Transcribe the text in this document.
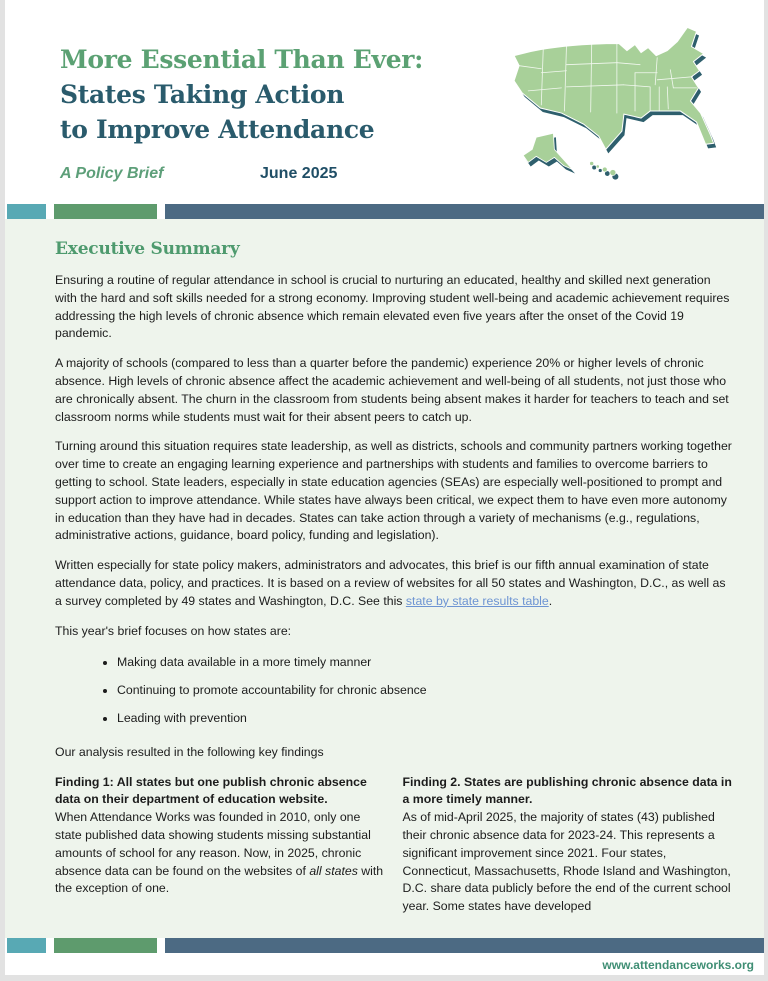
More Essential Than Ever:
States Taking Action
to Improve Attendance
A Policy Brief	June 2025
Executive Summary

Ensuring a routine of regular attendance in school is crucial to nurturing an educated, healthy and skilled next generation with the hard and soft skills needed for a strong economy. Improving student well-being and academic achievement requires addressing the high levels of chronic absence which remain elevated even five years after the onset of the Covid 19 pandemic.

A majority of schools (compared to less than a quarter before the pandemic) experience 20% or higher levels of chronic absence. High levels of chronic absence affect the academic achievement and well-being of all students, not just those who are chronically absent. The churn in the classroom from students being absent makes it harder for teachers to teach and set classroom norms while students must wait for their absent peers to catch up.

Turning around this situation requires state leadership, as well as districts, schools and community partners working together over time to create an engaging learning experience and partnerships with students and families to overcome barriers to getting to school. State leaders, especially in state education agencies (SEAs) are especially well-positioned to prompt and support action to improve attendance. While states have always been critical, we expect them to have even more autonomy in education than they have had in decades. States can take action through a variety of mechanisms (e.g., regulations, administrative actions, guidance, board policy, funding and legislation).

Written especially for state policy makers, administrators and advocates, this brief is our fifth annual examination of state attendance data, policy, and practices. It is based on a review of websites for all 50 states and Washington, D.C., as well as a survey completed by 49 states and Washington, D.C. See this state by state results table.

This year's brief focuses on how states are:

• Making data available in a more timely manner
• Continuing to promote accountability for chronic absence
• Leading with prevention

Our analysis resulted in the following key findings

Finding 1: All states but one publish chronic absence data on their department of education website.
When Attendance Works was founded in 2010, only one state published data showing students missing substantial amounts of school for any reason. Now, in 2025, chronic absence data can be found on the websites of all states with the exception of one.

Finding 2. States are publishing chronic absence data in a more timely manner.
As of mid-April 2025, the majority of states (43) published their chronic absence data for 2023-24. This represents a significant improvement since 2021. Four states, Connecticut, Massachusetts, Rhode Island and Washington, D.C. share data publicly before the end of the current school year. Some states have developed

www.attendanceworks.org
